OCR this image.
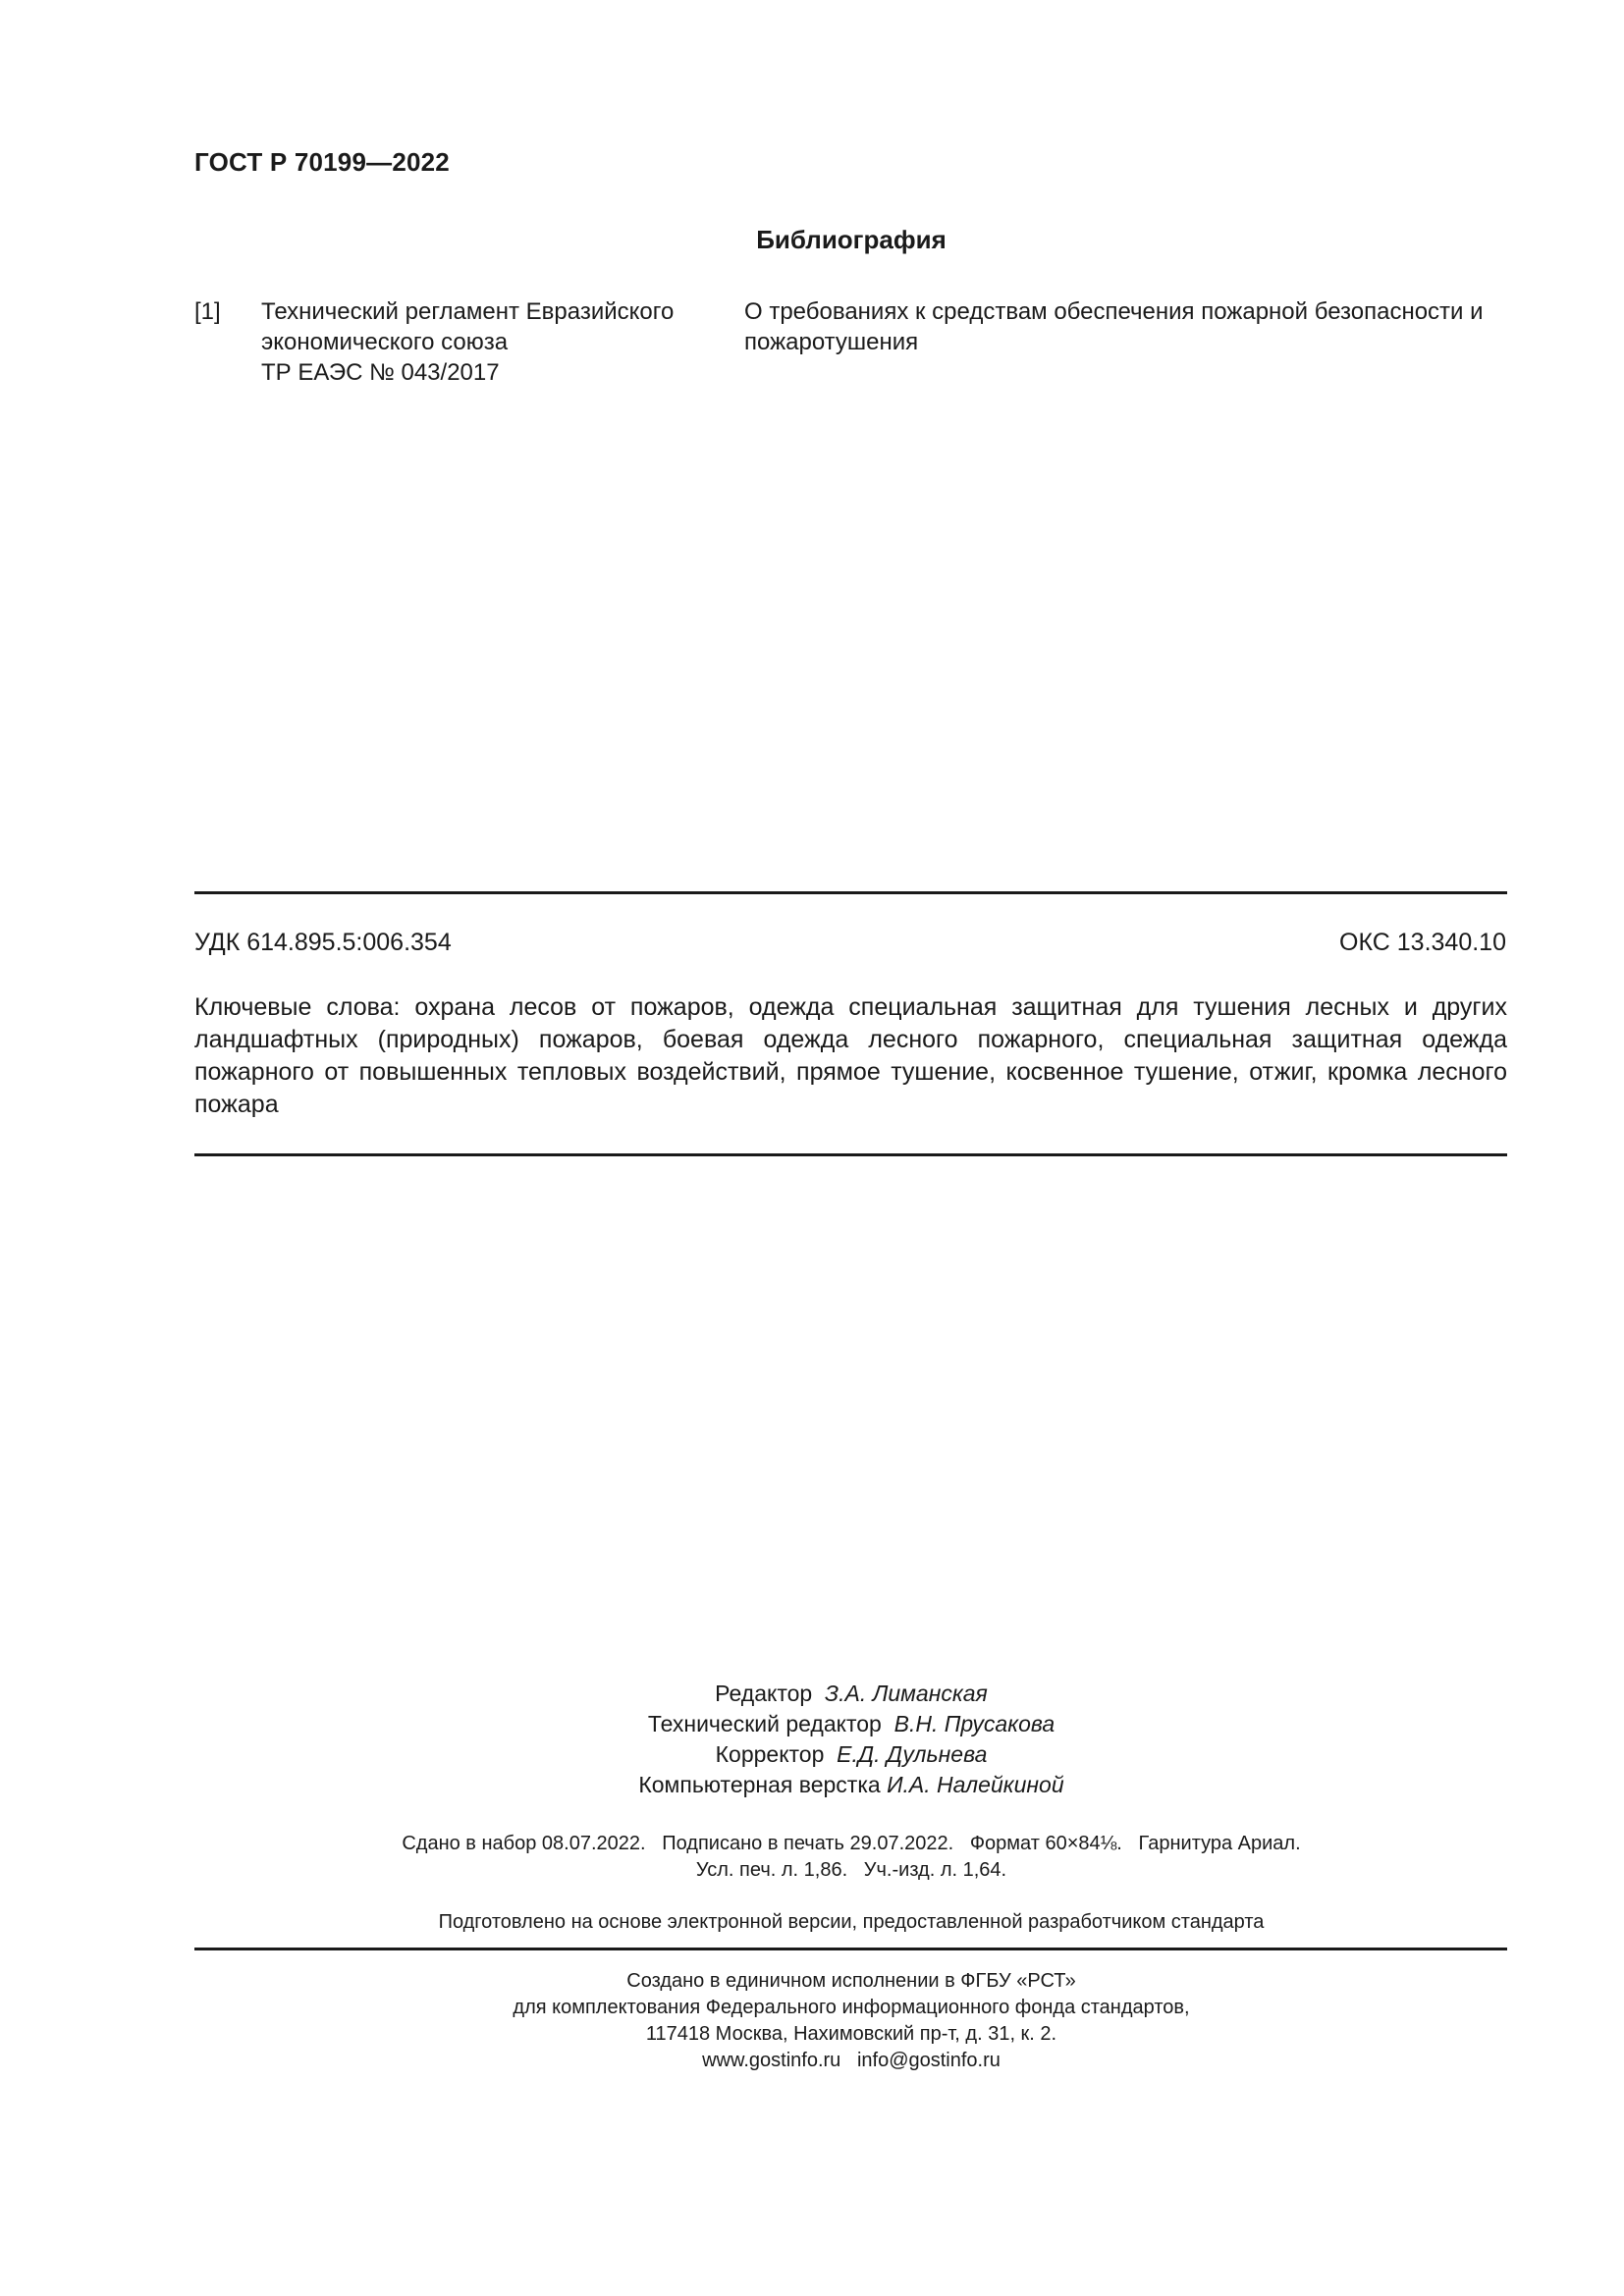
ГОСТ Р 70199—2022
Библиография
[1] Технический регламент Евразийского
экономического союза
ТР ЕАЭС № 043/2017
О требованиях к средствам обеспечения пожарной безопасности и
пожаротушения
УДК 614.895.5:006.354	ОКС 13.340.10
Ключевые слова: охрана лесов от пожаров, одежда специальная защитная для тушения лесных и других ландшафтных (природных) пожаров, боевая одежда лесного пожарного, специальная защитная одежда пожарного от повышенных тепловых воздействий, прямое тушение, косвенное тушение, отжиг, кромка лесного пожара
Редактор З.А. Лиманская
Технический редактор В.Н. Прусакова
Корректор Е.Д. Дульнева
Компьютерная верстка И.А. Налейкиной
Сдано в набор 08.07.2022.   Подписано в печать 29.07.2022.   Формат 60×84⅛.   Гарнитура Ариал.
Усл. печ. л. 1,86.   Уч.-изд. л. 1,64.
Подготовлено на основе электронной версии, предоставленной разработчиком стандарта
Создано в единичном исполнении в ФГБУ «РСТ»
для комплектования Федерального информационного фонда стандартов,
117418 Москва, Нахимовский пр-т, д. 31, к. 2.
www.gostinfo.ru info@gostinfo.ru
